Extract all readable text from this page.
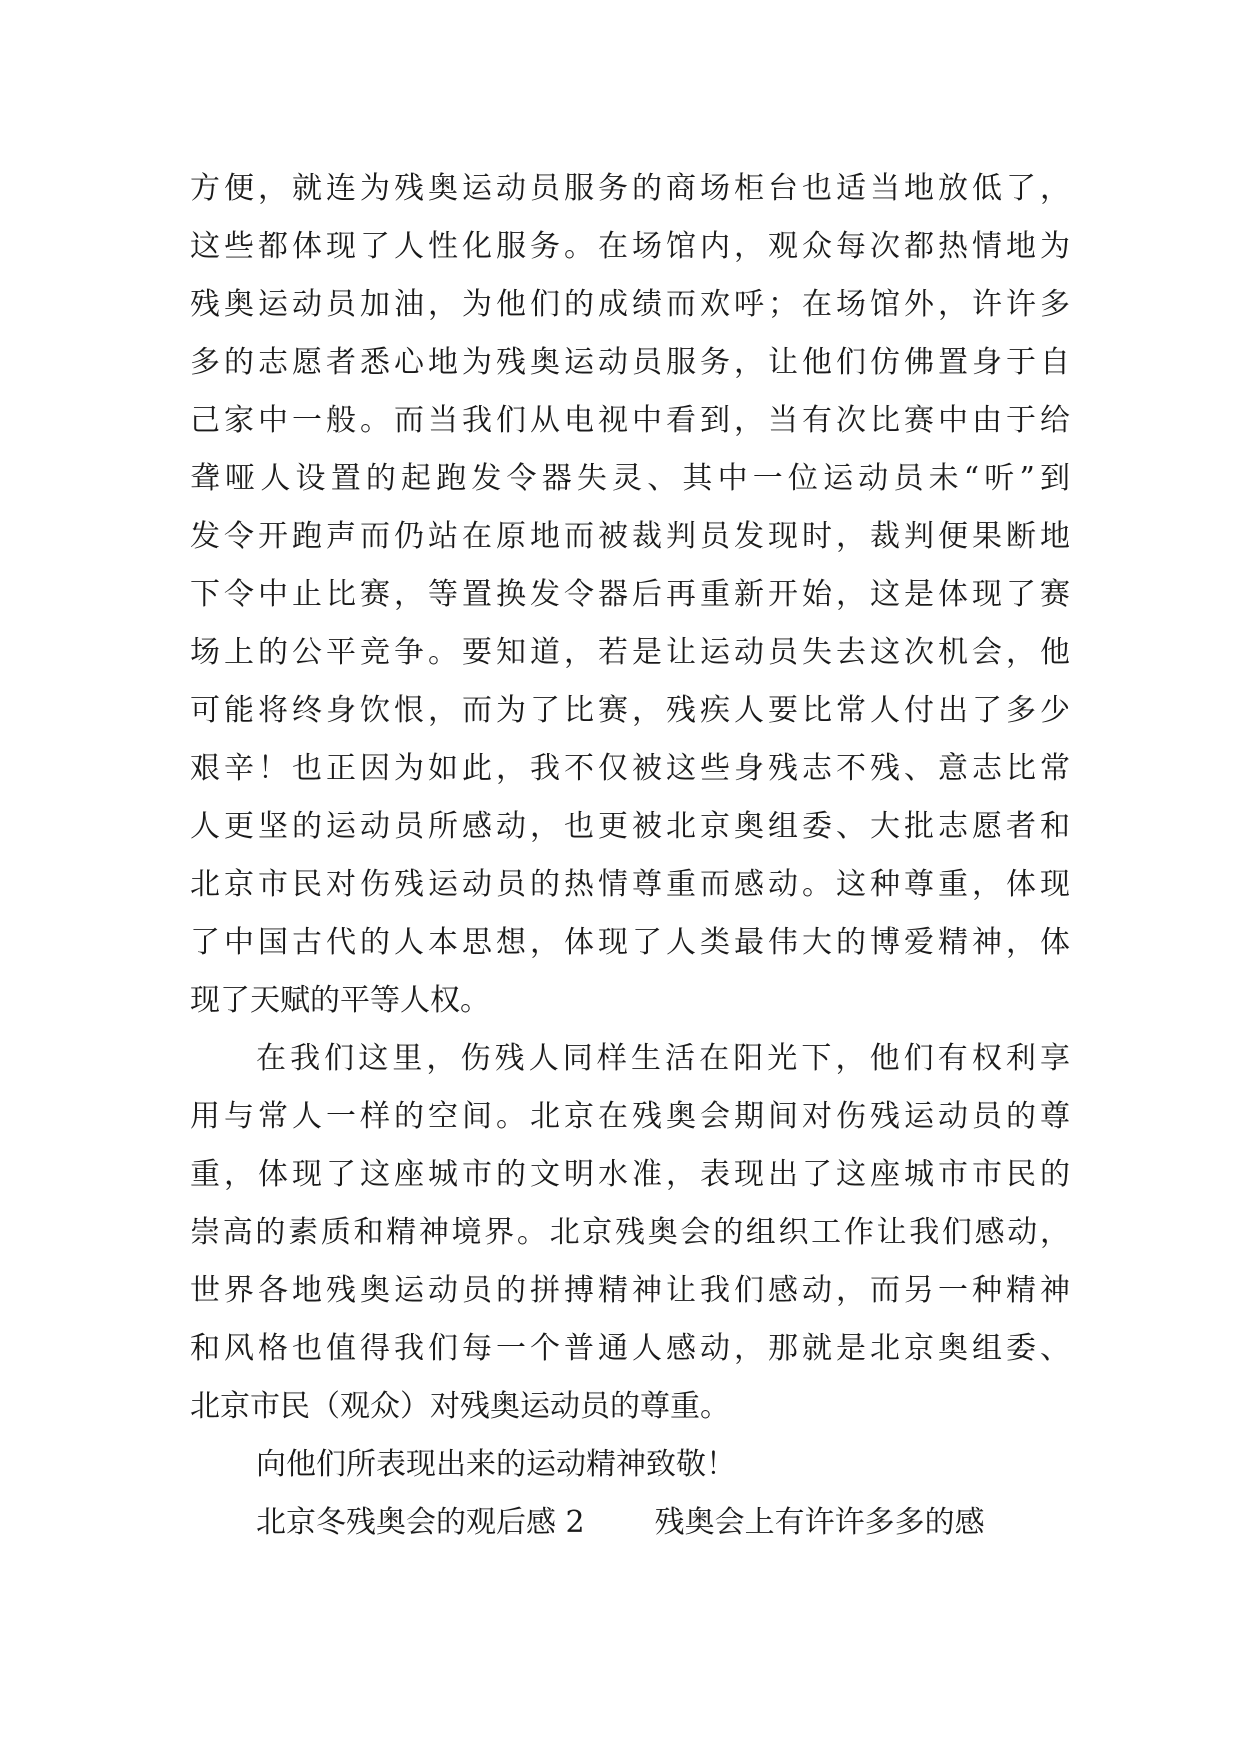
方便，就连为残奥运动员服务的商场柜台也适当地放低了，
这些都体现了人性化服务。在场馆内，观众每次都热情地为
残奥运动员加油，为他们的成绩而欢呼；在场馆外，许许多
多的志愿者悉心地为残奥运动员服务，让他们仿佛置身于自
己家中一般。而当我们从电视中看到，当有次比赛中由于给
聋哑人设置的起跑发令器失灵、其中一位运动员未“听”到
发令开跑声而仍站在原地而被裁判员发现时，裁判便果断地
下令中止比赛，等置换发令器后再重新开始，这是体现了赛
场上的公平竞争。要知道，若是让运动员失去这次机会，他
可能将终身饮恨，而为了比赛，残疾人要比常人付出了多少
艰辛！也正因为如此，我不仅被这些身残志不残、意志比常
人更坚的运动员所感动，也更被北京奥组委、大批志愿者和
北京市民对伤残运动员的热情尊重而感动。这种尊重，体现
了中国古代的人本思想，体现了人类最伟大的博爱精神，体
现了天赋的平等人权。
在我们这里，伤残人同样生活在阳光下，他们有权利享
用与常人一样的空间。北京在残奥会期间对伤残运动员的尊
重，体现了这座城市的文明水准，表现出了这座城市市民的
崇高的素质和精神境界。北京残奥会的组织工作让我们感动，
世界各地残奥运动员的拼搏精神让我们感动，而另一种精神
和风格也值得我们每一个普通人感动，那就是北京奥组委、
北京市民（观众）对残奥运动员的尊重。
向他们所表现出来的运动精神致敬！
北京冬残奥会的观后感 2 残奥会上有许许多多的感
